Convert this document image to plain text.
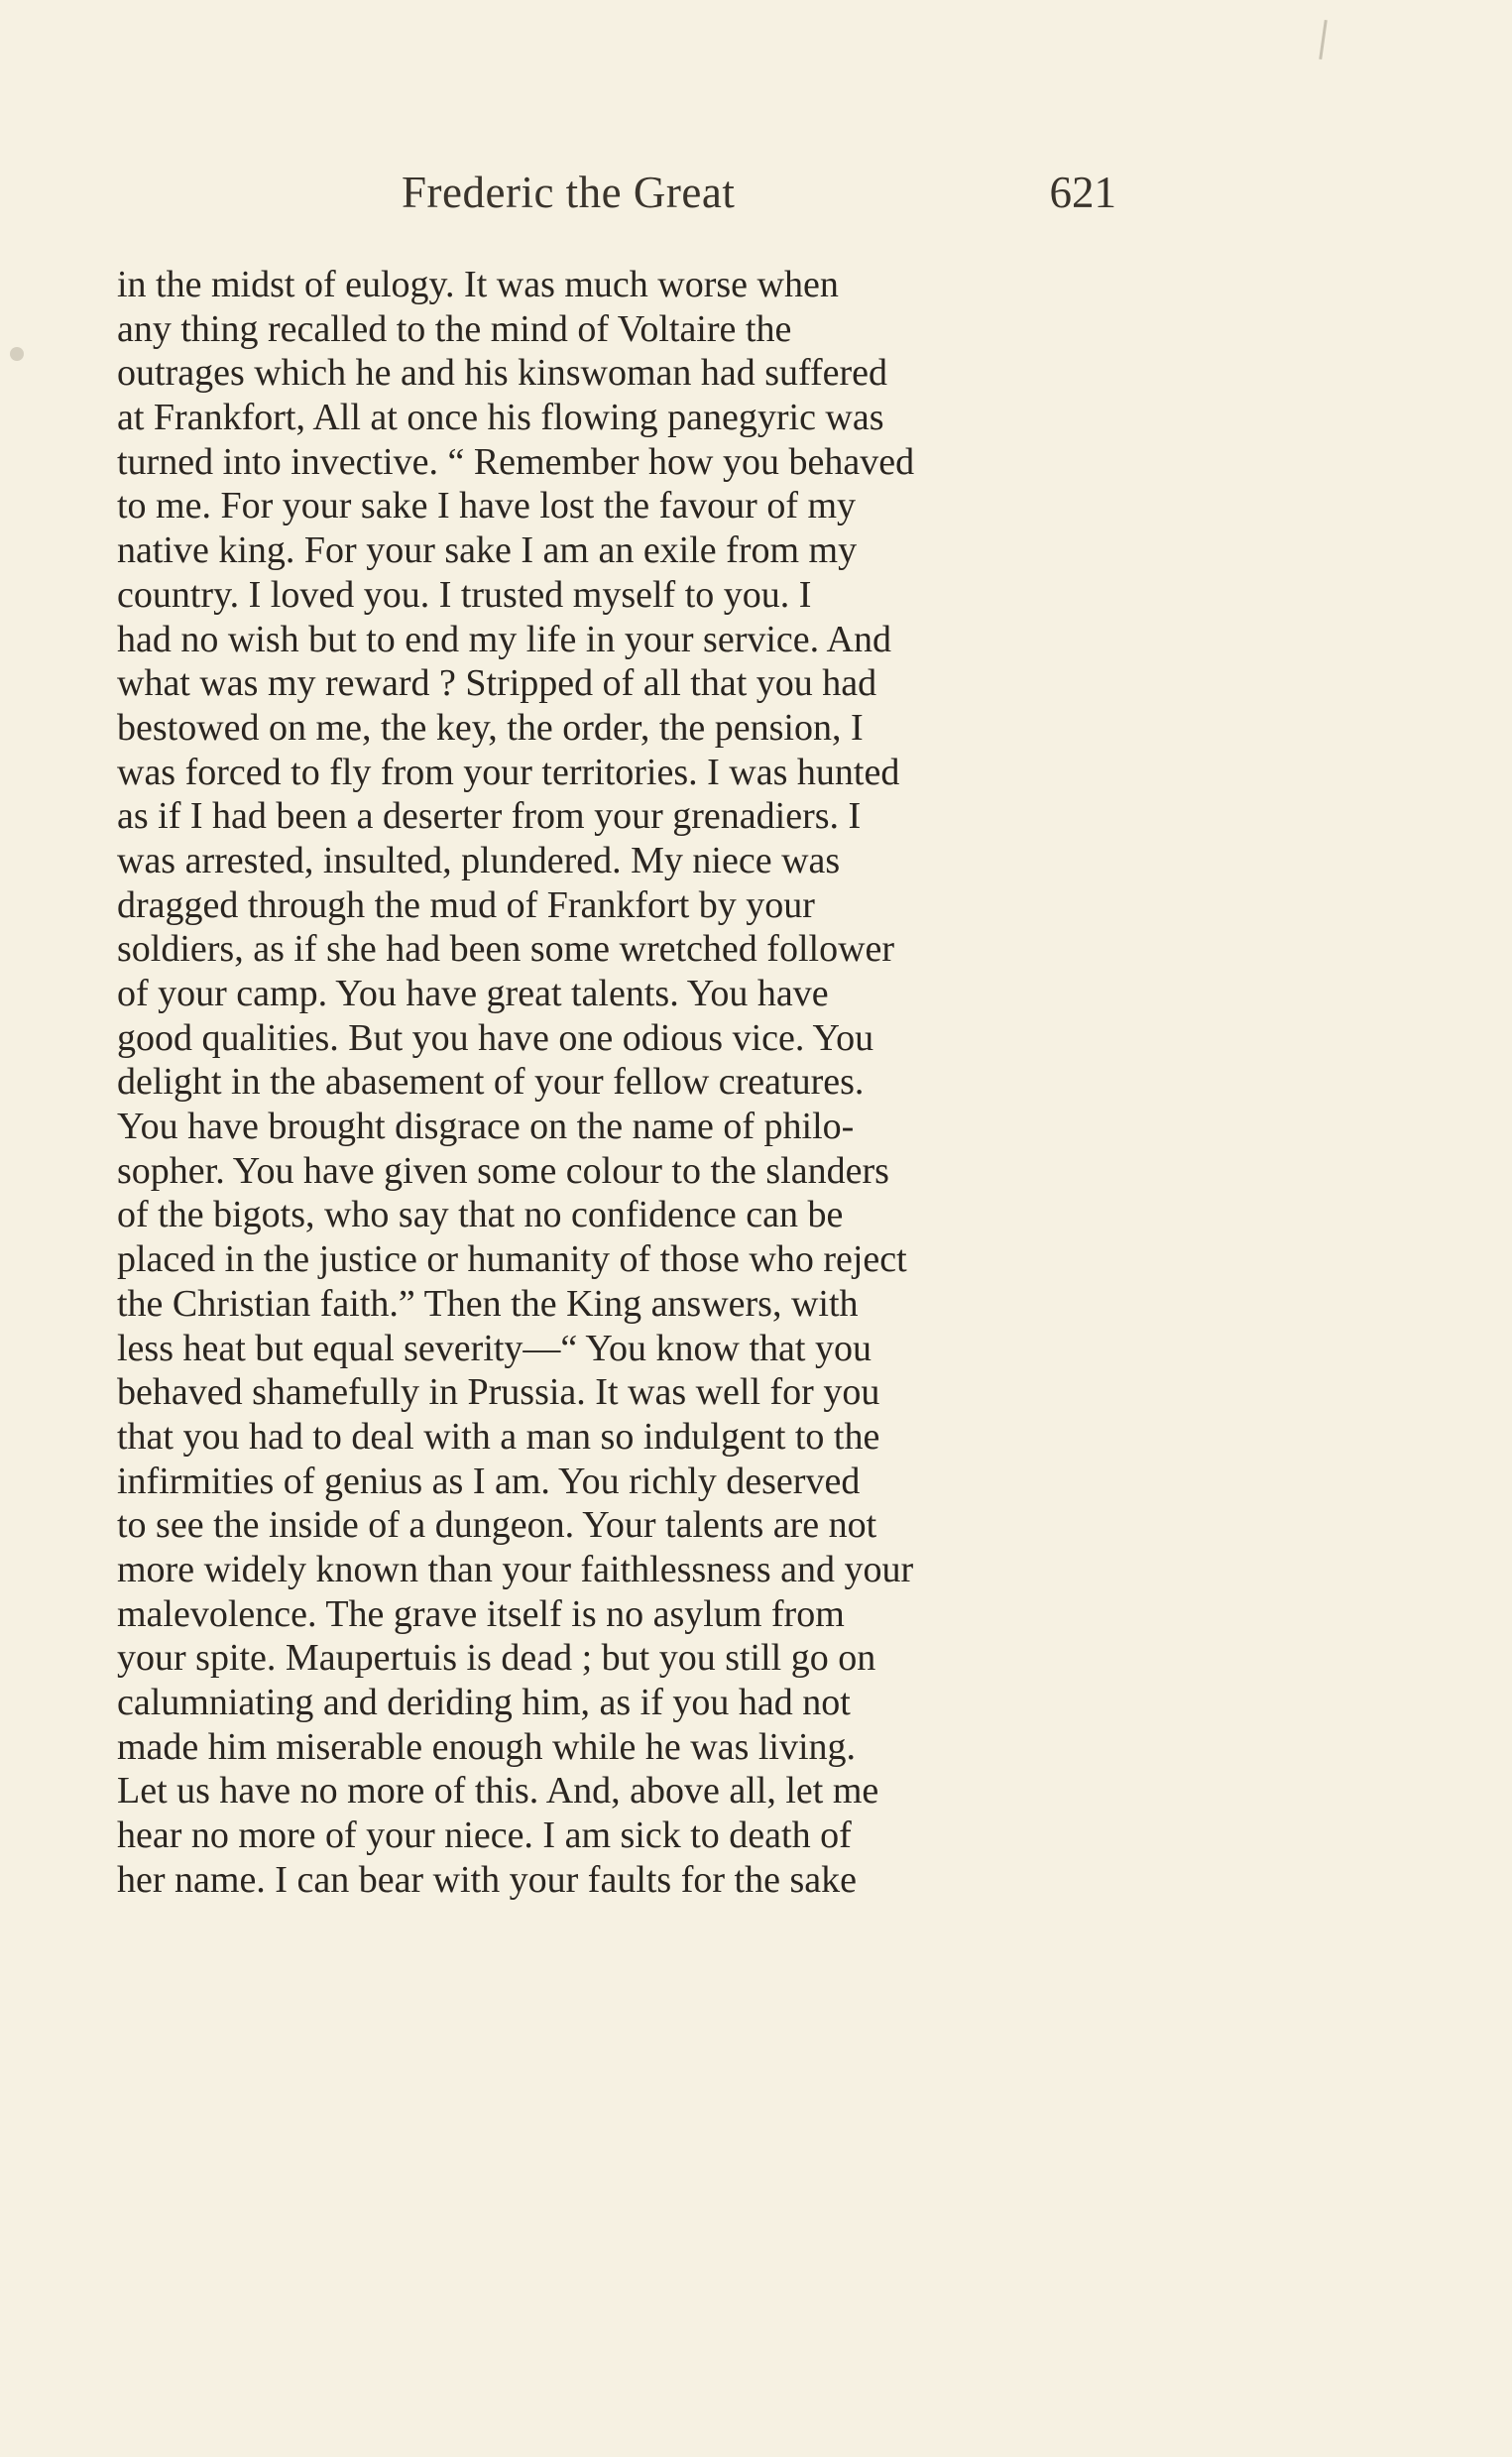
Frederic the Great	621
in the midst of eulogy. It was much worse when
any thing recalled to the mind of Voltaire the
outrages which he and his kinswoman had suffered
at Frankfort, All at once his flowing panegyric was
turned into invective. “ Remember how you behaved
to me. For your sake I have lost the favour of my
native king. For your sake I am an exile from my
country. I loved you. I trusted myself to you. I
had no wish but to end my life in your service. And
what was my reward ? Stripped of all that you had
bestowed on me, the key, the order, the pension, I
was forced to fly from your territories. I was hunted
as if I had been a deserter from your grenadiers. I
was arrested, insulted, plundered. My niece was
dragged through the mud of Frankfort by your
soldiers, as if she had been some wretched follower
of your camp. You have great talents. You have
good qualities. But you have one odious vice. You
delight in the abasement of your fellow creatures.
You have brought disgrace on the name of philo-
sopher. You have given some colour to the slanders
of the bigots, who say that no confidence can be
placed in the justice or humanity of those who reject
the Christian faith.” Then the King answers, with
less heat but equal severity—“ You know that you
behaved shamefully in Prussia. It was well for you
that you had to deal with a man so indulgent to the
infirmities of genius as I am. You richly deserved
to see the inside of a dungeon. Your talents are not
more widely known than your faithlessness and your
malevolence. The grave itself is no asylum from
your spite. Maupertuis is dead ; but you still go on
calumniating and deriding him, as if you had not
made him miserable enough while he was living.
Let us have no more of this. And, above all, let me
hear no more of your niece. I am sick to death of
her name. I can bear with your faults for the sake
